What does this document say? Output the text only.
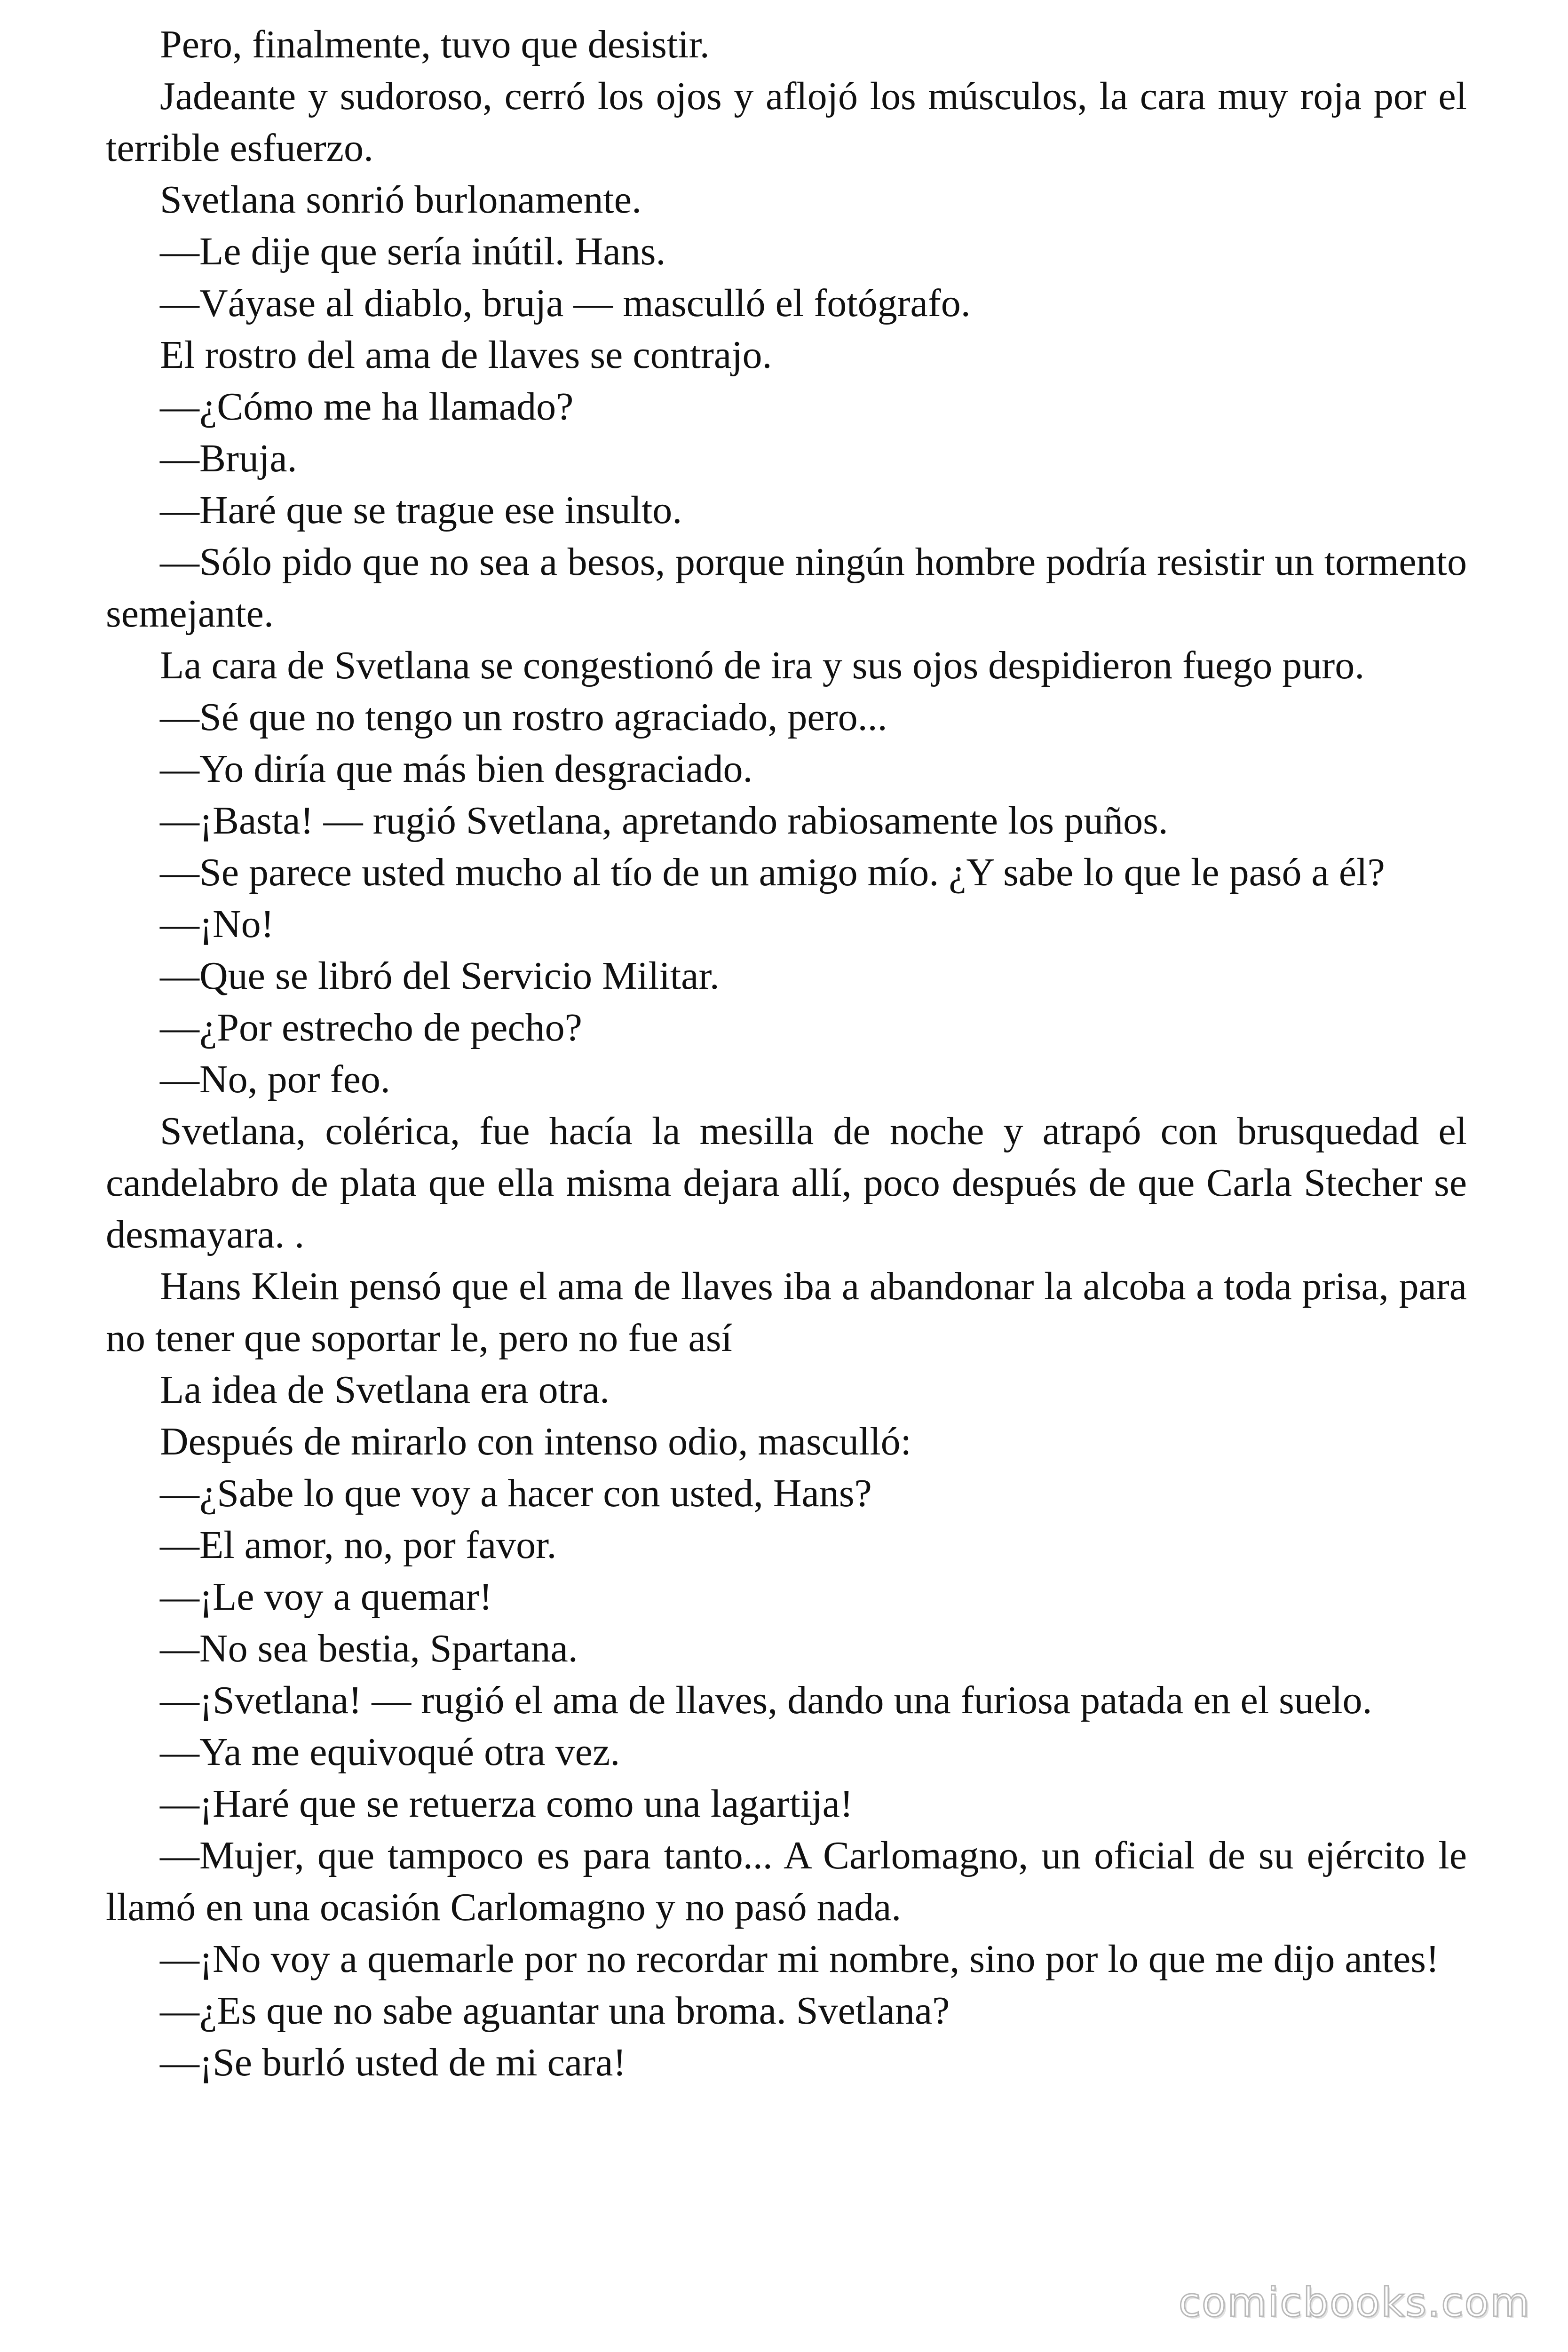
Pero, finalmente, tuvo que desistir.

Jadeante y sudoroso, cerró los ojos y aflojó los músculos, la cara muy roja por el terrible esfuerzo.

Svetlana sonrió burlonamente.

—Le dije que sería inútil. Hans.

—Váyase al diablo, bruja — masculló el fotógrafo.

El rostro del ama de llaves se contrajo.

—¿Cómo me ha llamado?

—Bruja.

—Haré que se trague ese insulto.

—Sólo pido que no sea a besos, porque ningún hombre podría resistir un tormento semejante.

La cara de Svetlana se congestionó de ira y sus ojos despidieron fuego puro.

—Sé que no tengo un rostro agraciado, pero...

—Yo diría que más bien desgraciado.

—¡Basta! — rugió Svetlana, apretando rabiosamente los puños.

—Se parece usted mucho al tío de un amigo mío. ¿Y sabe lo que le pasó a él?

—¡No!

—Que se libró del Servicio Militar.

—¿Por estrecho de pecho?

—No, por feo.

Svetlana, colérica, fue hacía la mesilla de noche y atrapó con brusquedad el candelabro de plata que ella misma dejara allí, poco después de que Carla Stecher se desmayara. .

Hans Klein pensó que el ama de llaves iba a abandonar la alcoba a toda prisa, para no tener que soportar le, pero no fue así

La idea de Svetlana era otra.

Después de mirarlo con intenso odio, masculló:

—¿Sabe lo que voy a hacer con usted, Hans?

—El amor, no, por favor.

—¡Le voy a quemar!

—No sea bestia, Spartana.

—¡Svetlana! — rugió el ama de llaves, dando una furiosa patada en el suelo.

—Ya me equivoqué otra vez.

—¡Haré que se retuerza como una lagartija!

—Mujer, que tampoco es para tanto... A Carlomagno, un oficial de su ejército le llamó en una ocasión Carlomagno y no pasó nada.

—¡No voy a quemarle por no recordar mi nombre, sino por lo que me dijo antes!

—¿Es que no sabe aguantar una broma. Svetlana?

—¡Se burló usted de mi cara!

comicbooks.com
